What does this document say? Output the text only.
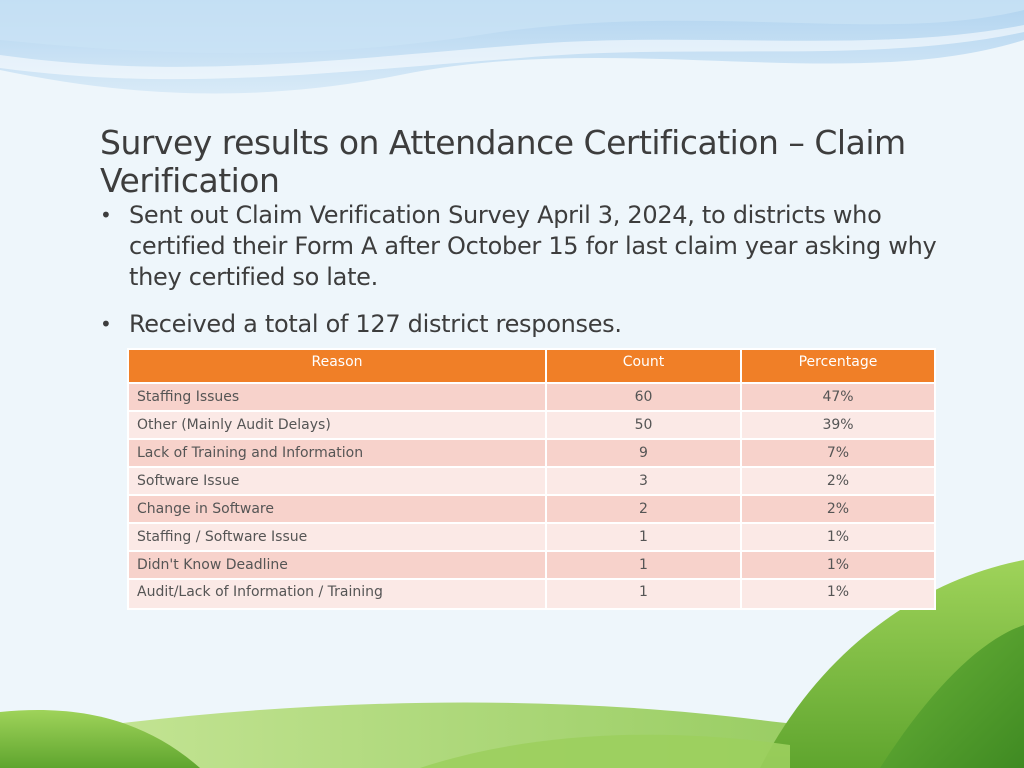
Survey results on Attendance Certification – Claim Verification
• Sent out Claim Verification Survey April 3, 2024, to districts who certified their Form A after October 15 for last claim year asking why they certified so late.
• Received a total of 127 district responses.
Reason	Count	Percentage
Staffing Issues	60	47%
Other (Mainly Audit Delays)	50	39%
Lack of Training and Information	9	7%
Software Issue	3	2%
Change in Software	2	2%
Staffing / Software Issue	1	1%
Didn't Know Deadline	1	1%
Audit/Lack of Information / Training	1	1%
